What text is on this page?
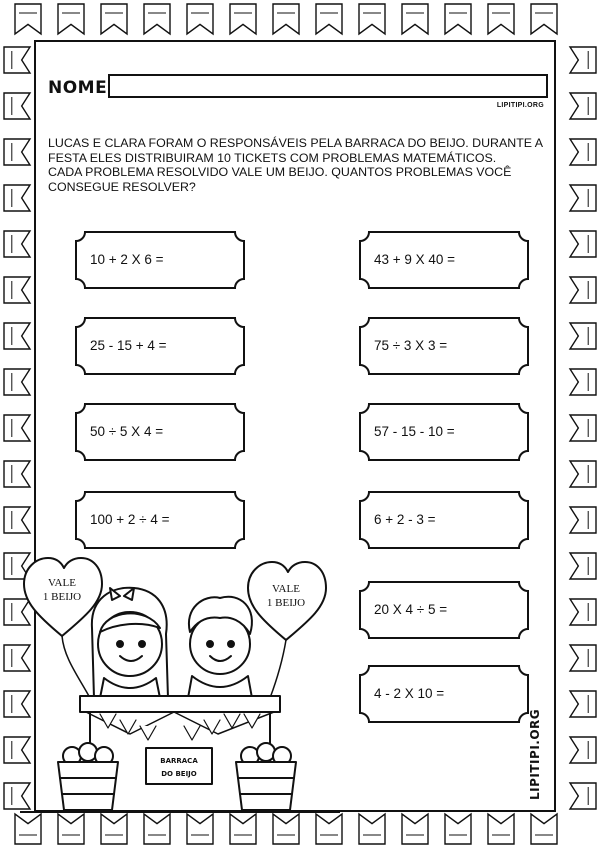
NOME
LIPITIPI.ORG

LUCAS E CLARA FORAM O RESPONSÁVEIS PELA BARRACA DO BEIJO. DURANTE A FESTA ELES DISTRIBUIRAM 10 TICKETS COM PROBLEMAS MATEMÁTICOS.

CADA PROBLEMA RESOLVIDO VALE UM BEIJO. QUANTOS PROBLEMAS VOCÊ CONSEGUE RESOLVER?

10 + 2 X 6 =	43 + 9 X 40 =
25 - 15 + 4 =	75 ÷ 3 X 3 =
50 ÷ 5 X 4 =	57 - 15 - 10 =
100 + 2 ÷ 4 =	6 + 2 - 3 =
20 X 4 ÷ 5 =
4 - 2 X 10 =
VALE
1 BEIJO
VALE
1 BEIJO
BARRACA
DO BEIJO	LIPITIPI.ORG
